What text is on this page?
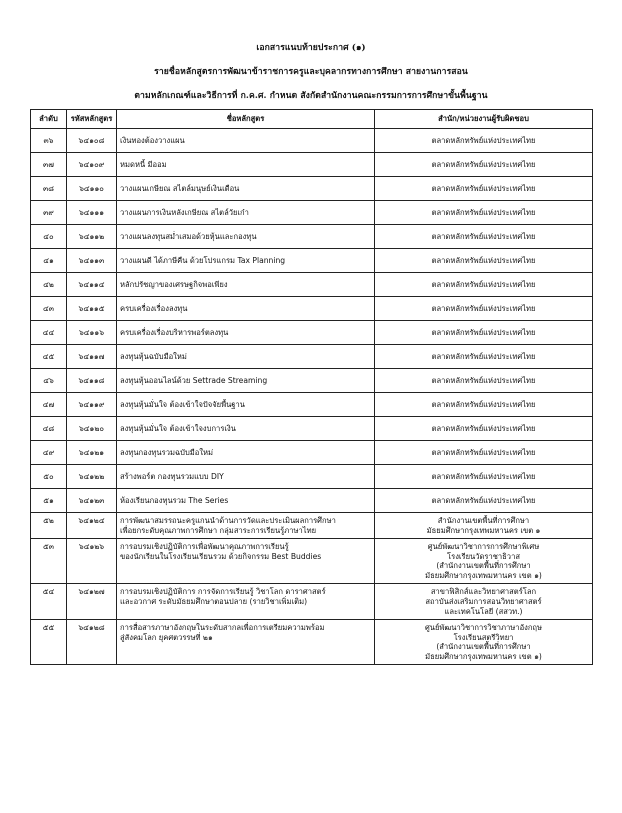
เอกสารแนบท้ายประกาศ (๑)
รายชื่อหลักสูตรการพัฒนาข้าราชการครูและบุคลากรทางการศึกษา สายงานการสอน
ตามหลักเกณฑ์และวิธีการที่ ก.ค.ศ. กำหนด สังกัดสำนักงานคณะกรรมการการศึกษาขั้นพื้นฐาน
ลำดับ	รหัสหลักสูตร	ชื่อหลักสูตร	สำนัก/หน่วยงานผู้รับผิดชอบ
๓๖	๖๔๑๐๘	เงินทองต้องวางแผน	ตลาดหลักทรัพย์แห่งประเทศไทย
๓๗	๖๔๑๐๙	หมดหนี้ มีออม	ตลาดหลักทรัพย์แห่งประเทศไทย
๓๘	๖๔๑๑๐	วางแผนเกษียณ สไตล์มนุษย์เงินเดือน	ตลาดหลักทรัพย์แห่งประเทศไทย
๓๙	๖๔๑๑๑	วางแผนการเงินหลังเกษียณ สไตล์วัยเก๋า	ตลาดหลักทรัพย์แห่งประเทศไทย
๔๐	๖๔๑๑๒	วางแผนลงทุนสม่ำเสมอด้วยหุ้นและกองทุน	ตลาดหลักทรัพย์แห่งประเทศไทย
๔๑	๖๔๑๑๓	วางแผนดี ได้ภาษีคืน ด้วยโปรแกรม Tax Planning	ตลาดหลักทรัพย์แห่งประเทศไทย
๔๒	๖๔๑๑๔	หลักปรัชญาของเศรษฐกิจพอเพียง	ตลาดหลักทรัพย์แห่งประเทศไทย
๔๓	๖๔๑๑๕	ครบเครื่องเรื่องลงทุน	ตลาดหลักทรัพย์แห่งประเทศไทย
๔๔	๖๔๑๑๖	ครบเครื่องเรื่องบริหารพอร์ตลงทุน	ตลาดหลักทรัพย์แห่งประเทศไทย
๔๕	๖๔๑๑๗	ลงทุนหุ้นฉบับมือใหม่	ตลาดหลักทรัพย์แห่งประเทศไทย
๔๖	๖๔๑๑๘	ลงทุนหุ้นออนไลน์ด้วย Settrade Streaming	ตลาดหลักทรัพย์แห่งประเทศไทย
๔๗	๖๔๑๑๙	ลงทุนหุ้นมั่นใจ ต้องเข้าใจปัจจัยพื้นฐาน	ตลาดหลักทรัพย์แห่งประเทศไทย
๔๘	๖๔๑๒๐	ลงทุนหุ้นมั่นใจ ต้องเข้าใจงบการเงิน	ตลาดหลักทรัพย์แห่งประเทศไทย
๔๙	๖๔๑๒๑	ลงทุนกองทุนรวมฉบับมือใหม่	ตลาดหลักทรัพย์แห่งประเทศไทย
๕๐	๖๔๑๒๒	สร้างพอร์ต กองทุนรวมแบบ DIY	ตลาดหลักทรัพย์แห่งประเทศไทย
๕๑	๖๔๑๒๓	ห้องเรียนกองทุนรวม The Series	ตลาดหลักทรัพย์แห่งประเทศไทย
๕๒	๖๔๑๒๔	การพัฒนาสมรรถนะครูแกนนำด้านการวัดและประเมินผลการศึกษา
เพื่อยกระดับคุณภาพการศึกษา กลุ่มสาระการเรียนรู้ภาษาไทย	สำนักงานเขตพื้นที่การศึกษา
มัธยมศึกษากรุงเทพมหานคร เขต ๑

๕๓	๖๔๑๒๖	การอบรมเชิงปฏิบัติการเพื่อพัฒนาคุณภาพการเรียนรู้
ของนักเรียนในโรงเรียนเรียนรวม ด้วยกิจกรรม Best Buddies	ศูนย์พัฒนาวิชาการการศึกษาพิเศษ
โรงเรียนวัดราชาธิวาส
(สำนักงานเขตพื้นที่การศึกษา
มัธยมศึกษากรุงเทพมหานคร เขต ๑)

๕๔	๖๔๑๒๗	การอบรมเชิงปฏิบัติการ การจัดการเรียนรู้ วิชาโลก ดาราศาสตร์
และอวกาศ ระดับมัธยมศึกษาตอนปลาย (รายวิชาเพิ่มเติม)	สาขาฟิสิกส์และวิทยาศาสตร์โลก
สถาบันส่งเสริมการสอนวิทยาศาสตร์
และเทคโนโลยี (สสวท.)

๕๕	๖๔๑๒๘	การสื่อสารภาษาอังกฤษในระดับสากลเพื่อการเตรียมความพร้อม
สู่สังคมโลก ยุคศตวรรษที่ ๒๑	ศูนย์พัฒนาวิชาการวิชาภาษาอังกฤษ
โรงเรียนสตรีวิทยา
(สำนักงานเขตพื้นที่การศึกษา
มัธยมศึกษากรุงเทพมหานคร เขต ๑)
